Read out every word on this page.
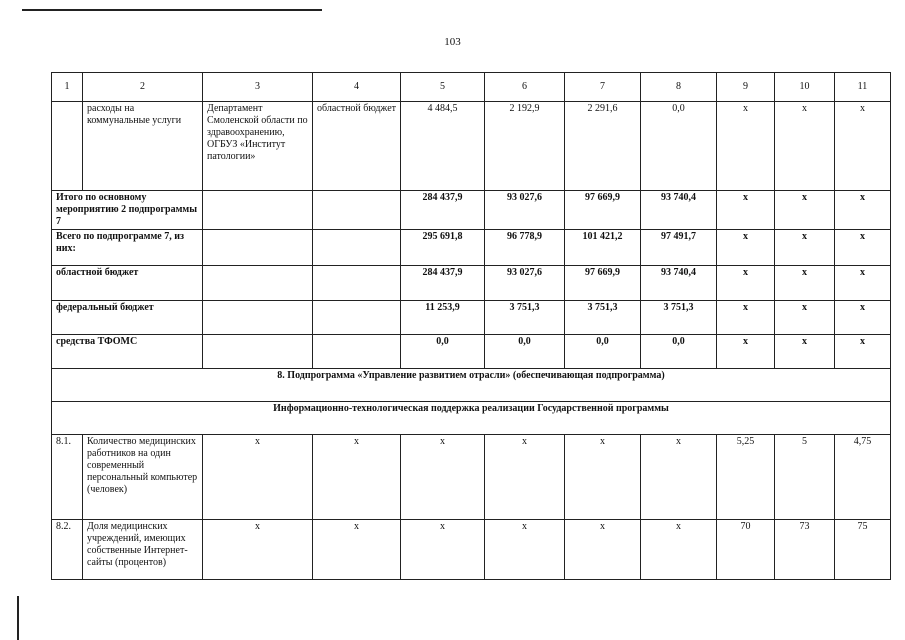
103
1	2	3	4	5	6	7	8	9	10	11
	расходы на коммунальные услуги	Департамент Смоленской области по здравоохранению, ОГБУЗ «Институт патологии»	областной бюджет	4 484,5	2 192,9	2 291,6	0,0	х	х	х
Итого по основному мероприятию 2 подпрограммы 7				284 437,9	93 027,6	97 669,9	93 740,4	х	х	х
Всего по подпрограмме 7, из них:				295 691,8	96 778,9	101 421,2	97 491,7	х	х	х
областной бюджет				284 437,9	93 027,6	97 669,9	93 740,4	х	х	х
федеральный бюджет				11 253,9	3 751,3	3 751,3	3 751,3	х	х	х
средства ТФОМС				0,0	0,0	0,0	0,0	х	х	х
8. Подпрограмма «Управление развитием отрасли» (обеспечивающая подпрограмма)										
Информационно-технологическая поддержка реализации Государственной программы										
8.1.	Количество медицинских работников на один современный персональный компьютер (человек)	х	х	х	х	х	х	5,25	5	4,75
8.2.	Доля медицинских учреждений, имеющих собственные Интернет-сайты (процентов)	х	х	х	х	х	х	70	73	75
